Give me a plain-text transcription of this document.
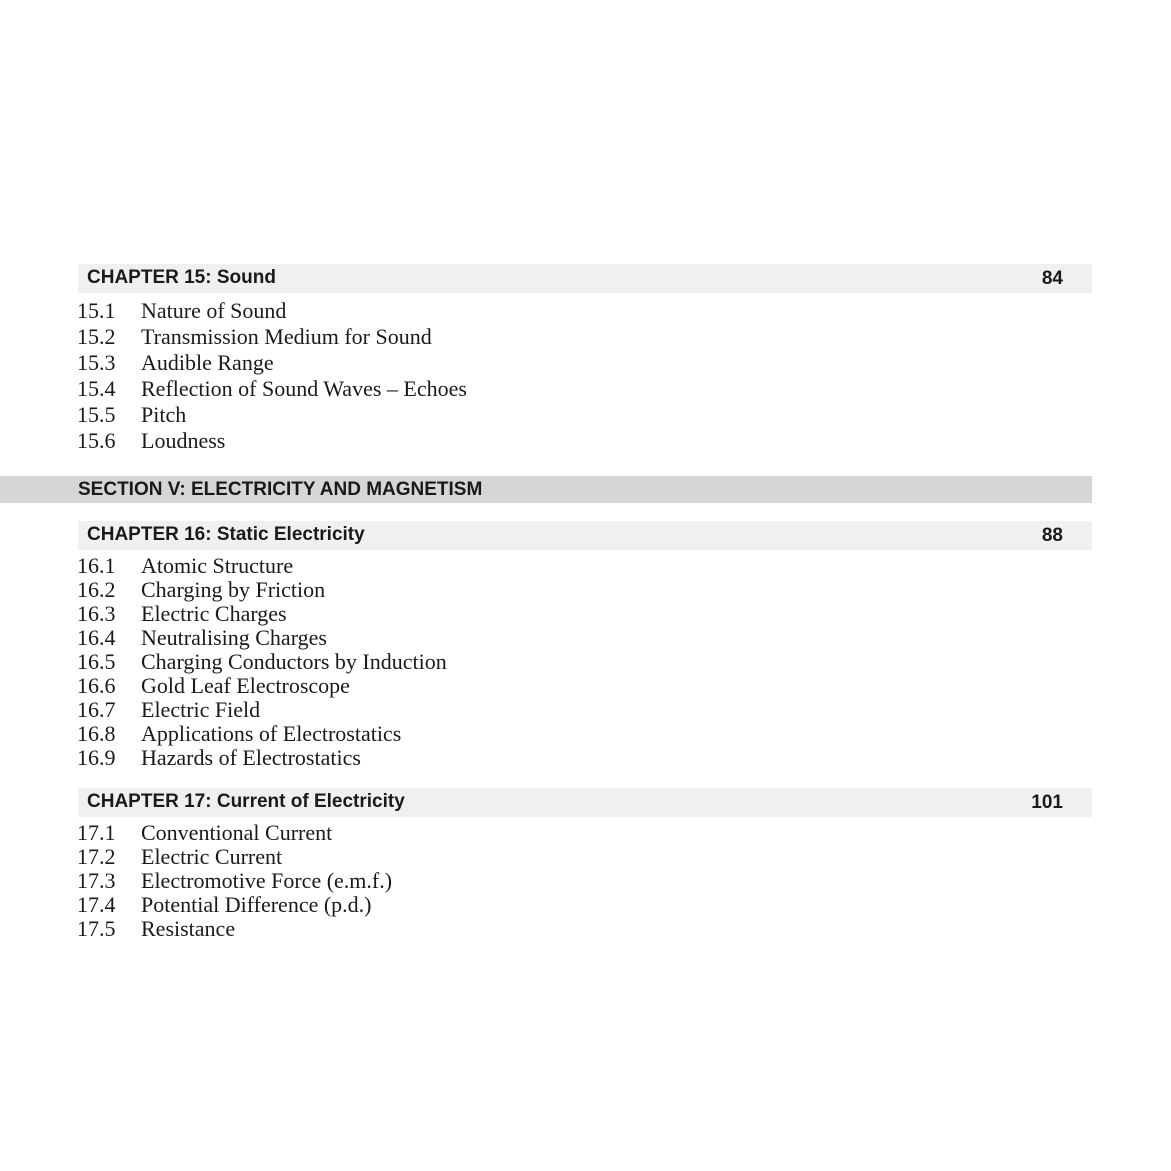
CHAPTER 15: Sound	84
15.1 Nature of Sound
15.2 Transmission Medium for Sound
15.3 Audible Range
15.4 Reflection of Sound Waves – Echoes
15.5 Pitch
15.6 Loudness
SECTION V: ELECTRICITY AND MAGNETISM
CHAPTER 16: Static Electricity	88
16.1 Atomic Structure
16.2 Charging by Friction
16.3 Electric Charges
16.4 Neutralising Charges
16.5 Charging Conductors by Induction
16.6 Gold Leaf Electroscope
16.7 Electric Field
16.8 Applications of Electrostatics
16.9 Hazards of Electrostatics
CHAPTER 17: Current of Electricity	101
17.1 Conventional Current
17.2 Electric Current
17.3 Electromotive Force (e.m.f.)
17.4 Potential Difference (p.d.)
17.5 Resistance
